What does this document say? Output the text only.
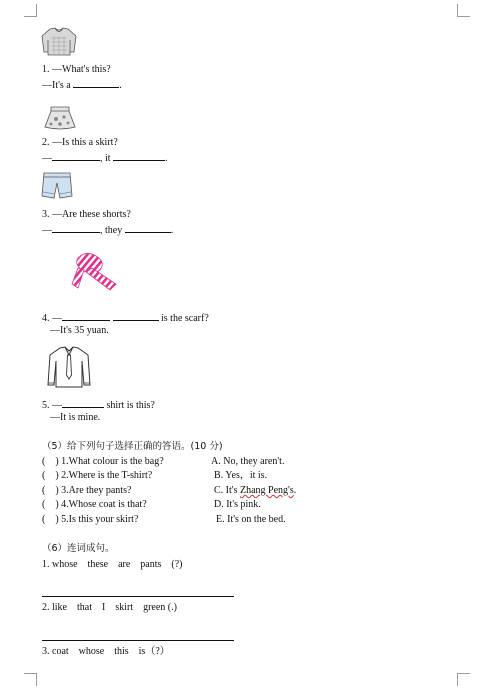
1. —What's this?
—It's a	.
2. —Is this a skirt?
—	, it	.
3. —Are these shorts?
—	, they	.
4. —	is the scarf?
—It's 35 yuan.
5. —	shirt is this?
—It is mine.
（5）给下列句子选择正确的答语。(10 分)
(    ) 1.What colour is the bag?	A. No, they aren't.
(    ) 2.Where is the T-shirt?	B. Yes，it is.
(    ) 3.Are they pants?	C. It's Zhang Peng's.
(    ) 4.Whose coat is that?	D. It's pink.
(    ) 5.Is this your skirt?	E. It's on the bed.
（6）连词成句。
1. whose    these    are    pants    (?)
2. like    that    I    skirt    green (.)
3. coat    whose    this    is（?）
